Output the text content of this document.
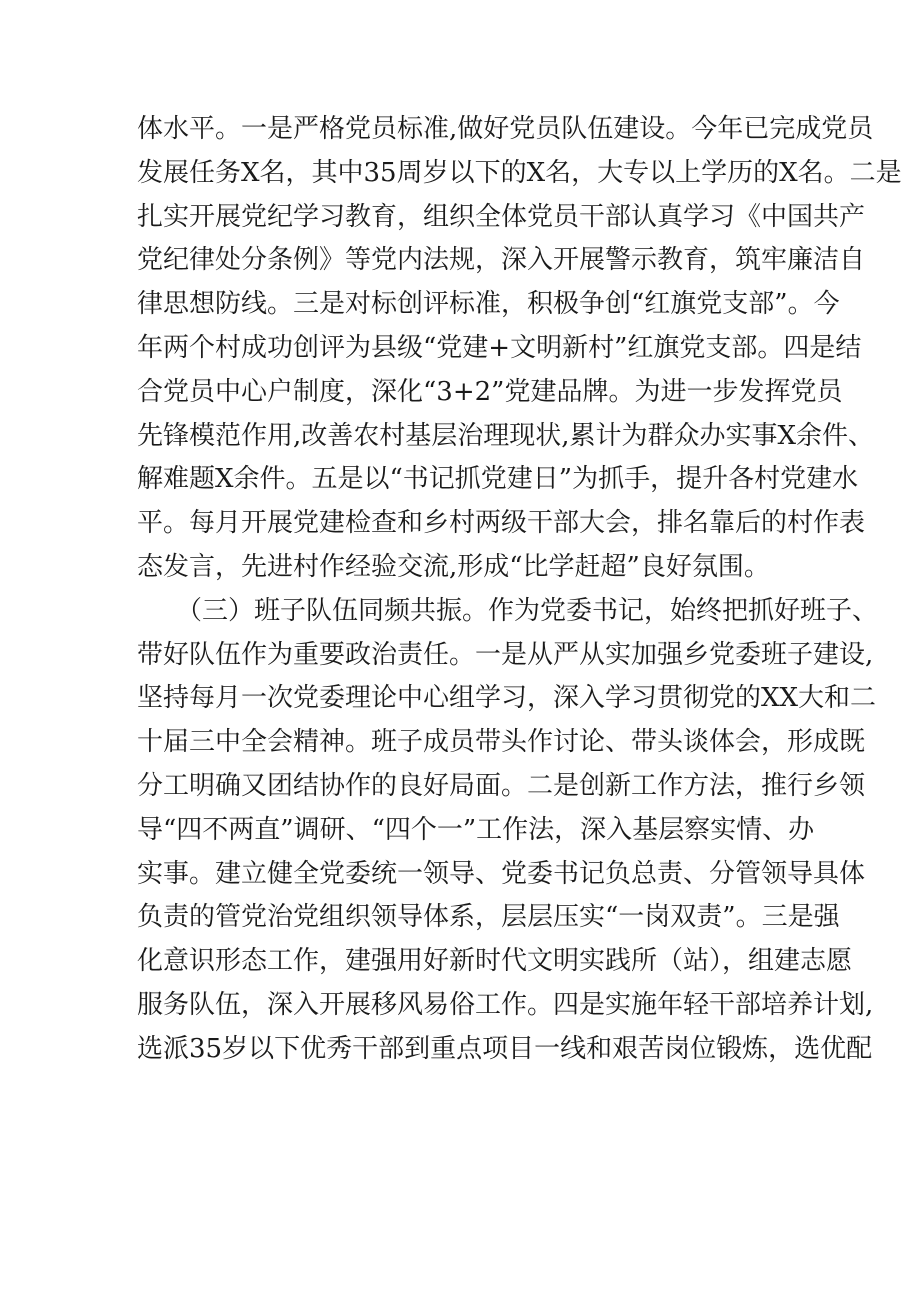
体水平。一是严格党员标准,做好党员队伍建设。今年已完成党员
发展任务X名，其中35周岁以下的X名，大专以上学历的X名。二是
扎实开展党纪学习教育，组织全体党员干部认真学习《中国共产
党纪律处分条例》等党内法规，深入开展警示教育，筑牢廉洁自
律思想防线。三是对标创评标准，积极争创“红旗党支部”。今
年两个村成功创评为县级“党建+文明新村”红旗党支部。四是结
合党员中心户制度，深化“3+2”党建品牌。为进一步发挥党员
先锋模范作用,改善农村基层治理现状,累计为群众办实事X余件、
解难题X余件。五是以“书记抓党建日”为抓手，提升各村党建水
平。每月开展党建检查和乡村两级干部大会，排名靠后的村作表
态发言，先进村作经验交流,形成“比学赶超”良好氛围。
　　（三）班子队伍同频共振。作为党委书记，始终把抓好班子、
带好队伍作为重要政治责任。一是从严从实加强乡党委班子建设,
坚持每月一次党委理论中心组学习，深入学习贯彻党的XX大和二
十届三中全会精神。班子成员带头作讨论、带头谈体会，形成既
分工明确又团结协作的良好局面。二是创新工作方法，推行乡领
导“四不两直”调研、“四个一”工作法，深入基层察实情、办
实事。建立健全党委统一领导、党委书记负总责、分管领导具体
负责的管党治党组织领导体系，层层压实“一岗双责”。三是强
化意识形态工作，建强用好新时代文明实践所（站），组建志愿
服务队伍，深入开展移风易俗工作。四是实施年轻干部培养计划,
选派35岁以下优秀干部到重点项目一线和艰苦岗位锻炼，选优配
